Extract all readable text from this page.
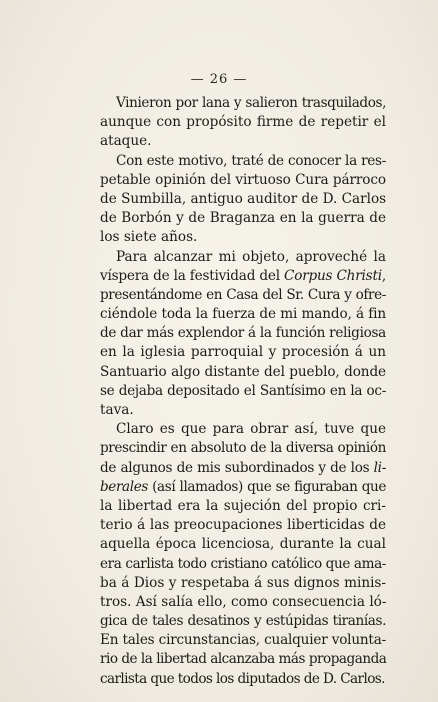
— 26 —
Vinieron por lana y salieron trasquilados,
aunque con propósito firme de repetir el
ataque.
Con este motivo, traté de conocer la res-
petable opinión del virtuoso Cura párroco
de Sumbilla, antiguo auditor de D. Carlos
de Borbón y de Braganza en la guerra de
los siete años.
Para alcanzar mi objeto, aproveché la
víspera de la festividad del Corpus Christi,
presentándome en Casa del Sr. Cura y ofre-
ciéndole toda la fuerza de mi mando, á fin
de dar más explendor á la función religiosa
en la iglesia parroquial y procesión á un
Santuario algo distante del pueblo, donde
se dejaba depositado el Santísimo en la oc-
tava.
Claro es que para obrar así, tuve que
prescindir en absoluto de la diversa opinión
de algunos de mis subordinados y de los li-
berales (así llamados) que se figuraban que
la libertad era la sujeción del propio cri-
terio á las preocupaciones liberticidas de
aquella época licenciosa, durante la cual
era carlista todo cristiano católico que ama-
ba á Dios y respetaba á sus dignos minis-
tros. Así salía ello, como consecuencia ló-
gica de tales desatinos y estúpidas tiranías.
En tales circunstancias, cualquier volunta-
rio de la libertad alcanzaba más propaganda
carlista que todos los diputados de D. Carlos.
